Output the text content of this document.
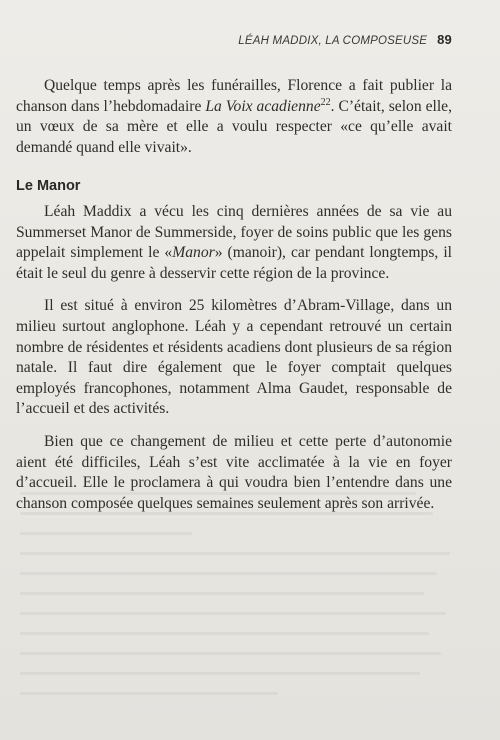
LÉAH MADDIX, LA COMPOSEUSE 89

Quelque temps après les funérailles, Florence a fait publier la chanson dans l’hebdomadaire La Voix acadienne$^{22}$. C’était, selon elle, un vœux de sa mère et elle a voulu respecter «ce qu’elle avait demandé quand elle vivait».

Le Manor

Léah Maddix a vécu les cinq dernières années de sa vie au Summerset Manor de Summerside, foyer de soins public que les gens appelait simplement le «Manor» (manoir), car pendant longtemps, il était le seul du genre à desservir cette région de la province.

Il est situé à environ 25 kilomètres d’Abram-Village, dans un milieu surtout anglophone. Léah y a cependant retrouvé un certain nombre de résidentes et résidents acadiens dont plusieurs de sa région natale. Il faut dire également que le foyer comptait quelques employés francophones, notamment Alma Gaudet, responsable de l’accueil et des activités.

Bien que ce changement de milieu et cette perte d’autonomie aient été difficiles, Léah s’est vite acclimatée à la vie en foyer d’accueil. Elle le proclamera à qui voudra bien l’entendre dans une chanson composée quelques semaines seulement après son arrivée.
